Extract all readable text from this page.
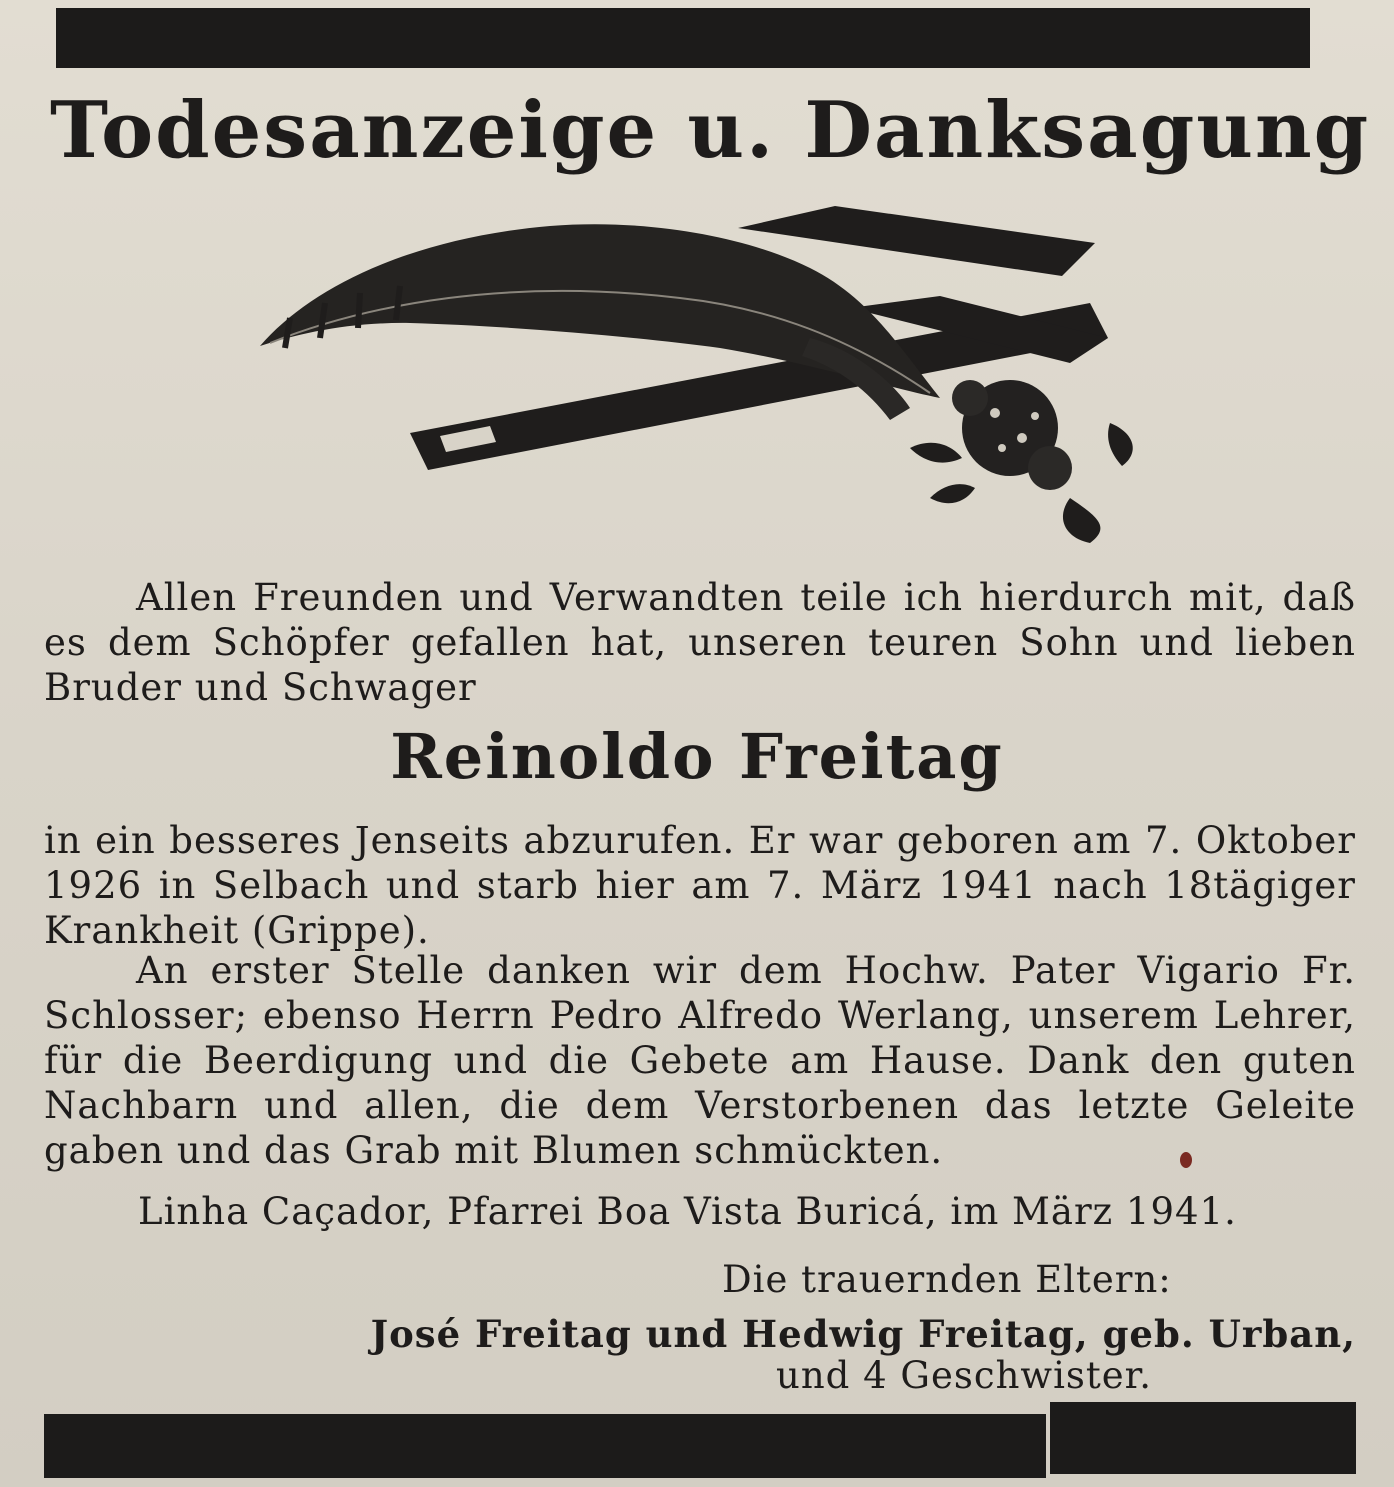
Todesanzeige u. Danksagung

Allen Freunden und Verwandten teile ich hierdurch mit, daß es dem Schöpfer gefallen hat, unseren teuren Sohn und lieben Bruder und Schwager

Reinoldo Freitag

in ein besseres Jenseits abzurufen. Er war geboren am 7. Oktober 1926 in Selbach und starb hier am 7. März 1941 nach 18tägiger Krankheit (Grippe).

An erster Stelle danken wir dem Hochw. Pater Vigario Fr. Schlosser; ebenso Herrn Pedro Alfredo Werlang, unserem Lehrer, für die Beerdigung und die Gebete am Hause. Dank den guten Nachbarn und allen, die dem Verstorbenen das letzte Geleite gaben und das Grab mit Blumen schmückten.

Linha Caçador, Pfarrei Boa Vista Buricá, im März 1941.
Die trauernden Eltern:
José Freitag und Hedwig Freitag, geb. Urban,
und 4 Geschwister.
